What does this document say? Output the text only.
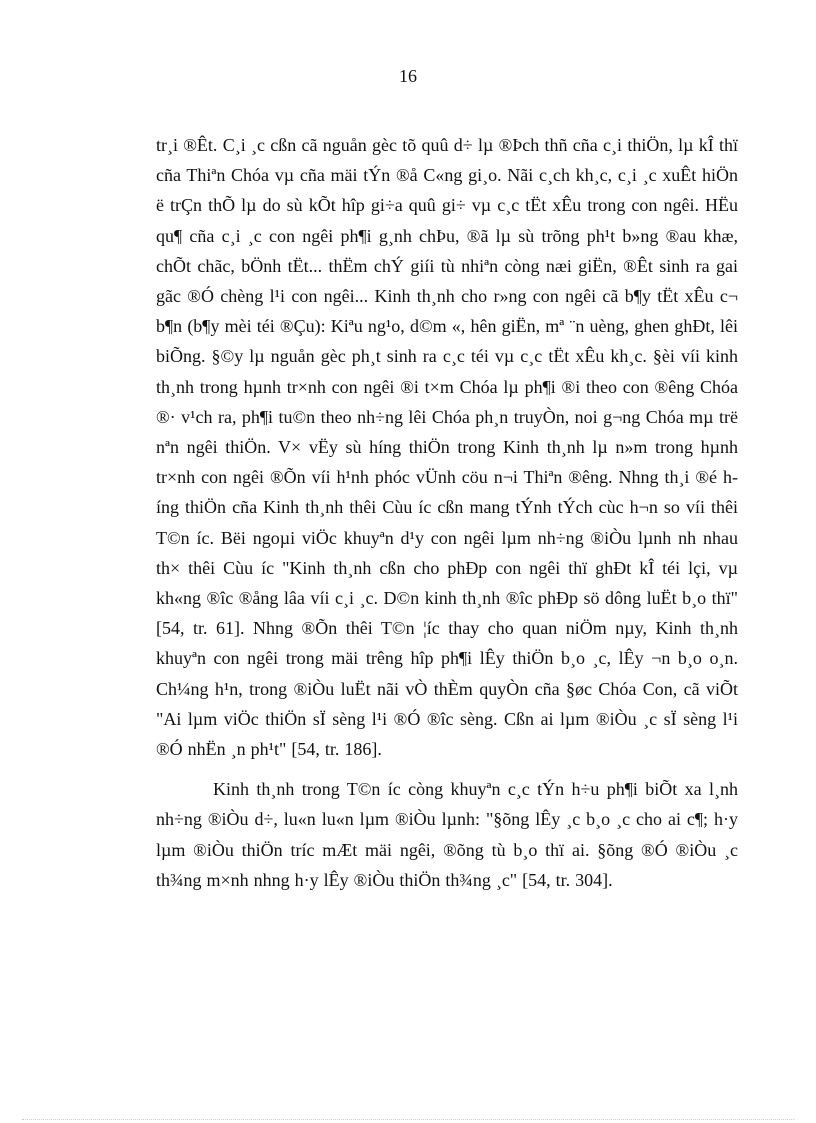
16

tr¸i ®Êt. C¸i ¸c cßn cã nguån gèc tõ quû d÷ lµ ®Þch thñ cña c¸i thiÖn, lµ kÎ thï cña Thiªn Chóa vµ cña mäi tÝn ®å C«ng gi¸o. Nãi c¸ch kh¸c, c¸i ¸c xuÊt hiÖn ë trÇn thÕ lµ do sù kÕt hîp gi÷a quû gi÷ vµ c¸c tËt xÊu trong con ngêi. HËu qu¶ cña c¸i ¸c con ngêi ph¶i g¸nh chÞu, ®ã lµ sù trõng ph¹t b»ng ®au khæ, chÕt chãc, bÖnh tËt... thËm chÝ giíi tù nhiªn còng næi giËn, ®Êt sinh ra gai gãc ®Ó chèng l¹i con ngêi... Kinh th¸nh cho r»ng con ngêi cã b¶y tËt xÊu c¬ b¶n (b¶y mèi téi ®Çu): Kiªu ng¹o, d©m «, hên giËn, mª ¨n uèng, ghen ghÐt, lêi biÕng. §©y lµ nguån gèc ph¸t sinh ra c¸c téi vµ c¸c tËt xÊu kh¸c. §èi víi kinh th¸nh trong hµnh tr×nh con ngêi ®i t×m Chóa lµ ph¶i ®i theo con ®êng Chóa ®· v¹ch ra, ph¶i tu©n theo nh÷ng lêi Chóa ph¸n truyÒn, noi g¬ng Chóa mµ trë nªn ngêi thiÖn. V× vËy sù híng thiÖn trong Kinh th¸nh lµ n»m trong hµnh tr×nh con ngêi ®Õn víi h¹nh phóc vÜnh cöu n¬i Thiªn ®êng. Nhng th¸i ®é híng thiÖn cña Kinh th¸nh thêi Cùu íc cßn mang tÝnh tÝch cùc h¬n so víi thêi T©n íc. Bëi ngoµi viÖc khuyªn d¹y con ngêi lµm nh÷ng ®iÒu lµnh nh nhau th× thêi Cùu íc "Kinh th¸nh cßn cho phÐp con ngêi thï ghÐt kÎ téi lçi, vµ kh«ng ®îc ®ång lâa víi c¸i ¸c. D©n kinh th¸nh ®îc phÐp sö dông luËt b¸o thï" [54, tr. 61]. Nhng ®Õn thêi T©n ¦íc thay cho quan niÖm nµy, Kinh th¸nh khuyªn con ngêi trong mäi trêng hîp ph¶i lÊy thiÖn b¸o ¸c, lÊy ¬n b¸o o¸n. Ch¼ng h¹n, trong ®iÒu luËt nãi vÒ thÈm quyÒn cña §øc Chóa Con, cã viÕt "Ai lµm viÖc thiÖn sÏ sèng l¹i ®Ó ®îc sèng. Cßn ai lµm ®iÒu ¸c sÏ sèng l¹i ®Ó nhËn ¸n ph¹t" [54, tr. 186].

Kinh th¸nh trong T©n íc còng khuyªn c¸c tÝn h÷u ph¶i biÕt xa l¸nh nh÷ng ®iÒu d÷, lu«n lu«n lµm ®iÒu lµnh: "§õng lÊy ¸c b¸o ¸c cho ai c¶; h·y lµm ®iÒu thiÖn tríc mÆt mäi ngêi, ®õng tù b¸o thï ai. §õng ®Ó ®iÒu ¸c th¾ng m×nh nhng h·y lÊy ®iÒu thiÖn th¾ng ¸c" [54, tr. 304].
